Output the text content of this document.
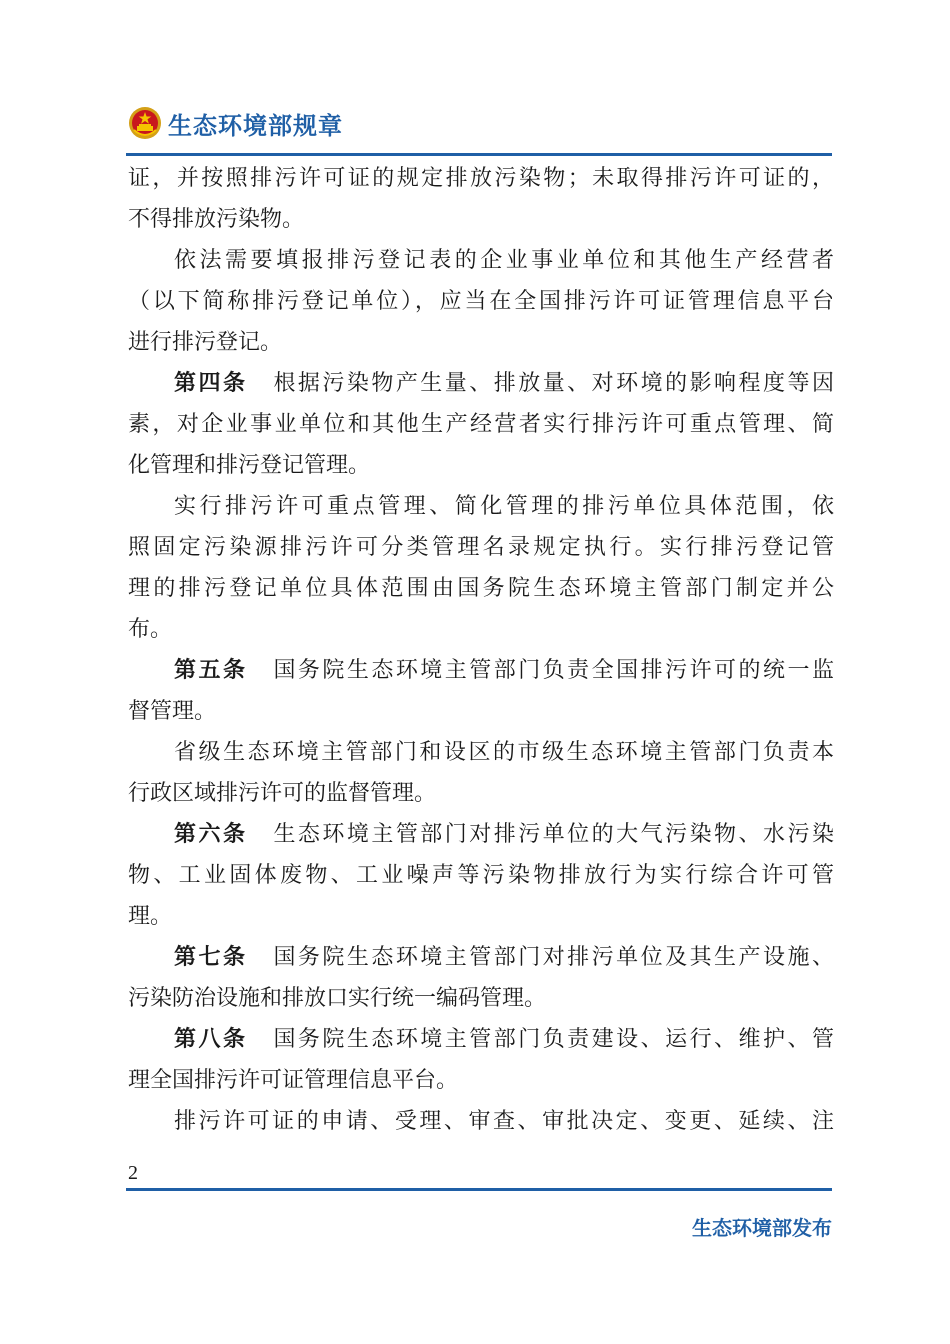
生态环境部规章
证，并按照排污许可证的规定排放污染物；未取得排污许可证的，
不得排放污染物。
依法需要填报排污登记表的企业事业单位和其他生产经营者
（以下简称排污登记单位），应当在全国排污许可证管理信息平台
进行排污登记。
第四条 根据污染物产生量、排放量、对环境的影响程度等因
素，对企业事业单位和其他生产经营者实行排污许可重点管理、简
化管理和排污登记管理。
实行排污许可重点管理、简化管理的排污单位具体范围，依
照固定污染源排污许可分类管理名录规定执行。实行排污登记管
理的排污登记单位具体范围由国务院生态环境主管部门制定并公
布。
第五条 国务院生态环境主管部门负责全国排污许可的统一监
督管理。
省级生态环境主管部门和设区的市级生态环境主管部门负责本
行政区域排污许可的监督管理。
第六条 生态环境主管部门对排污单位的大气污染物、水污染
物、工业固体废物、工业噪声等污染物排放行为实行综合许可管
理。
第七条 国务院生态环境主管部门对排污单位及其生产设施、
污染防治设施和排放口实行统一编码管理。
第八条 国务院生态环境主管部门负责建设、运行、维护、管
理全国排污许可证管理信息平台。
排污许可证的申请、受理、审查、审批决定、变更、延续、注
2
生态环境部发布
